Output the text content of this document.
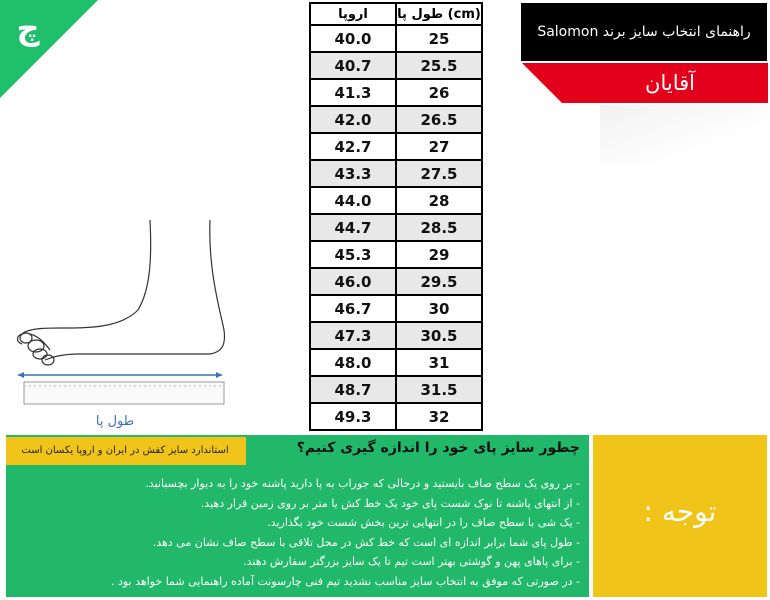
چ	راهنمای انتخاب سایز برند Salomon
آقایان
اروپا	طول پا (cm)
40.0	25
40.7	25.5
41.3	26
42.0	26.5
42.7	27
43.3	27.5
44.0	28
44.7	28.5
45.3	29
46.0	29.5
46.7	30
47.3	30.5
48.0	31
48.7	31.5
49.3	32
طول پا
استاندارد سایز کفش در ایران و اروپا یکسان است	چطور سایز پای خود را اندازه گیری کنیم؟
- بر روی یک سطح صاف بایستید و درحالی که جوراب به پا دارید پاشنه خود را به دیوار بچسبانید.
- از انتهای پاشنه تا نوک شست پای خود یک خط کش یا متر بر روی زمین قرار دهید.
- یک شی با سطح صاف را در انتهایی ترین بخش شست خود بگذارید.
- طول پای شما برابر اندازه ای است که خط کش در محل تلاقی با سطح صاف نشان می دهد.
- برای پاهای پهن و گوشتی بهتر است تیم تا یک سایز بزرگتر سفارش دهند.
- در صورتی که موفق به انتخاب سایز مناسب نشدید تیم فنی چارسونت آماده راهنمایی شما خواهد بود .
توجه :
